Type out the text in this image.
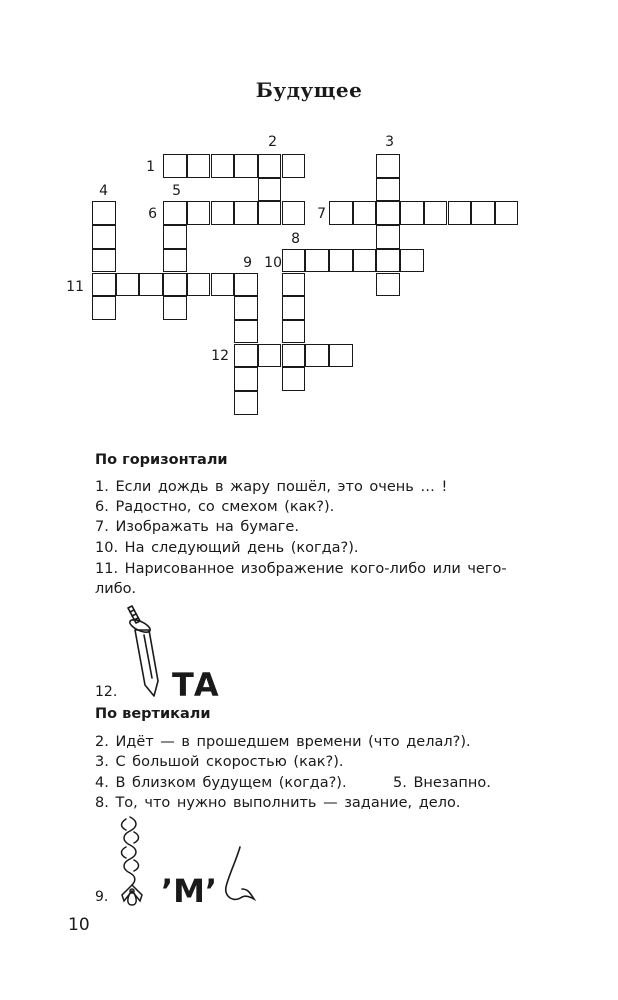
Будущее
1
2	3
4	5
6	7
8
9 10
11
12
По горизонтали
1. Если дождь в жару пошёл, это очень … !
6. Радостно, со смехом (как?).
7. Изображать на бумаге.
10. На следующий день (когда?).
11. Нарисованное изображение кого-либо или чего-либо.
12. ТА
По вертикали
2. Идёт — в прошедшем времени (что делал?).
3. С большой скоростью (как?).
4. В близком будущем (когда?).	5. Внезапно.
8. То, что нужно выполнить — задание, дело.
9. ’М’
10
